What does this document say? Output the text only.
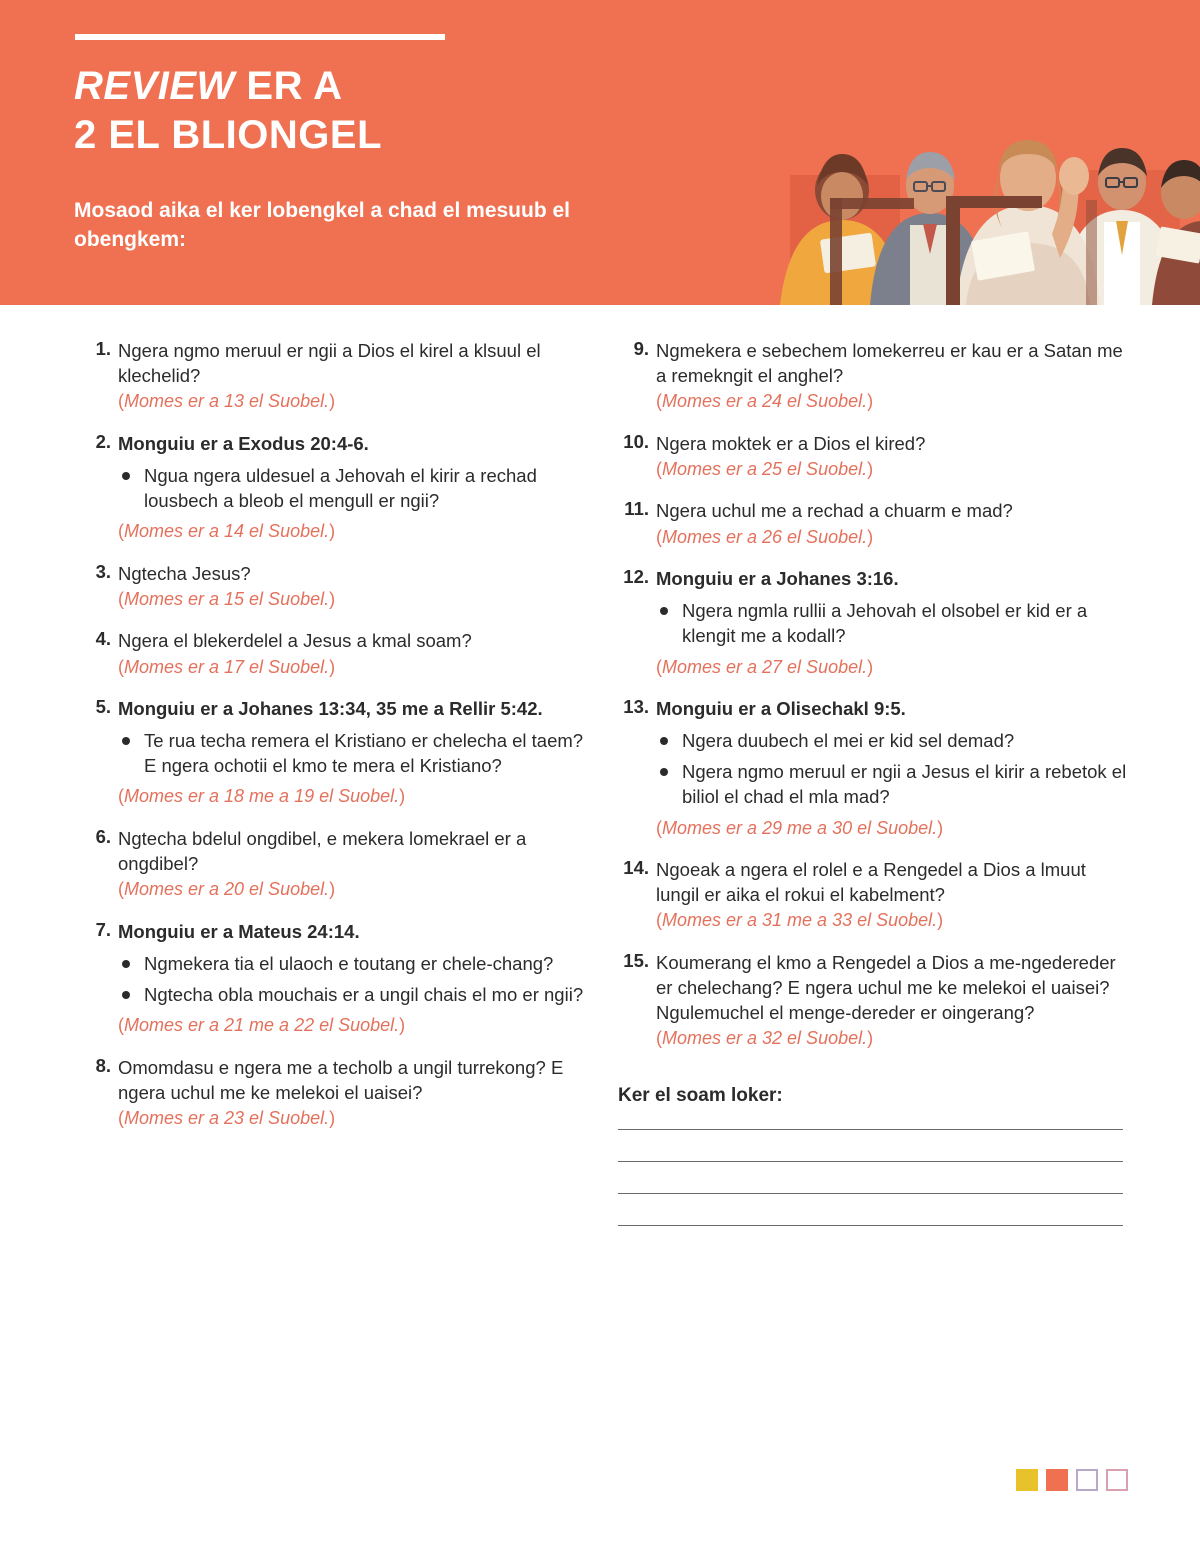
REVIEW ER A
2 EL BLIONGEL
Mosaod aika el ker lobengkel a chad el mesuub el obengkem:
1. Ngera ngmo meruul er ngii a Dios el kirel a klsuul el klechelid?
(Momes er a 13 el Suobel.)
2. Monguiu er a Exodus 20:4-6.
Ngua ngera uldesuel a Jehovah el kirir a rechad lousbech a bleob el mengull er ngii?
(Momes er a 14 el Suobel.)
3. Ngtecha Jesus?
(Momes er a 15 el Suobel.)
4. Ngera el blekerdelel a Jesus a kmal soam?
(Momes er a 17 el Suobel.)
5. Monguiu er a Johanes 13:34, 35 me a Rellir 5:42.
Te rua techa remera el Kristiano er chelecha el taem? E ngera ochotii el kmo te mera el Kristiano?
(Momes er a 18 me a 19 el Suobel.)
6. Ngtecha bdelul ongdibel, e mekera lomekrael er a ongdibel?
(Momes er a 20 el Suobel.)
7. Monguiu er a Mateus 24:14.
Ngmekera tia el ulaoch e toutang er chele-chang?
Ngtecha obla mouchais er a ungil chais el mo er ngii?
(Momes er a 21 me a 22 el Suobel.)
8. Omomdasu e ngera me a techolb a ungil turrekong? E ngera uchul me ke melekoi el uaisei?
(Momes er a 23 el Suobel.)
9. Ngmekera e sebechem lomekerreu er kau er a Satan me a remekngit el anghel?
(Momes er a 24 el Suobel.)
10. Ngera moktek er a Dios el kired?
(Momes er a 25 el Suobel.)
11. Ngera uchul me a rechad a chuarm e mad?
(Momes er a 26 el Suobel.)
12. Monguiu er a Johanes 3:16.
Ngera ngmla rullii a Jehovah el olsobel er kid er a klengit me a kodall?
(Momes er a 27 el Suobel.)
13. Monguiu er a Olisechakl 9:5.
Ngera duubech el mei er kid sel demad?
Ngera ngmo meruul er ngii a Jesus el kirir a rebetok el biliol el chad el mla mad?
(Momes er a 29 me a 30 el Suobel.)
14. Ngoeak a ngera el rolel e a Rengedel a Dios a lmuut lungil er aika el rokui el kabelment?
(Momes er a 31 me a 33 el Suobel.)
15. Koumerang el kmo a Rengedel a Dios a me-ngedereder er chelechang? E ngera uchul me ke melekoi el uaisei? Ngulemuchel el menge-dereder er oingerang?
(Momes er a 32 el Suobel.)
Ker el soam loker:
